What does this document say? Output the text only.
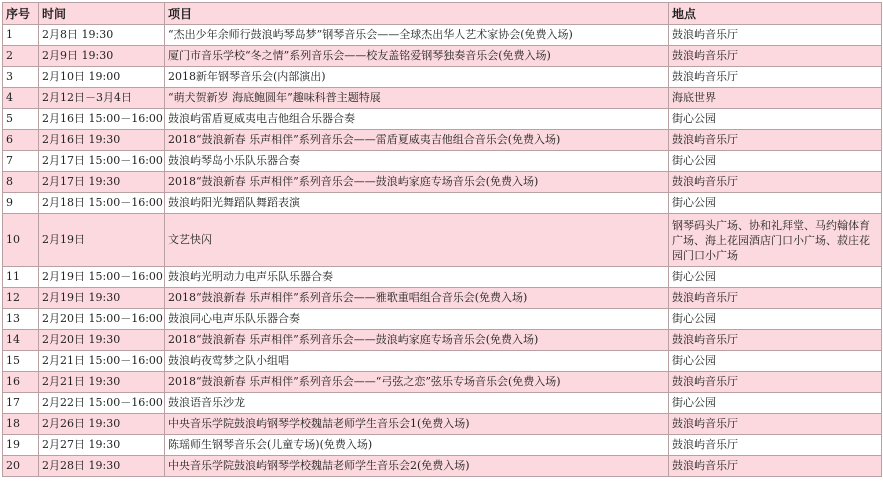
序号	时间	项目	地点
1	2月8日 19:30	“杰出少年余师行鼓浪屿琴岛梦”钢琴音乐会——全球杰出华人艺术家协会(免费入场)	鼓浪屿音乐厅
2	2月9日 19:30	厦门市音乐学校“冬之情”系列音乐会——校友盖铭爱钢琴独奏音乐会(免费入场)	鼓浪屿音乐厅
3	2月10日 19:00	2018新年钢琴音乐会(内部演出)	鼓浪屿音乐厅
4	2月12日－3月4日	“萌犬贺新岁 海底鲍圆年”趣味科普主题特展	海底世界
5	2月16日 15:00－16:00	鼓浪屿雷盾夏威夷电吉他组合乐器合奏	街心公园
6	2月16日 19:30	2018“鼓浪新春 乐声相伴”系列音乐会——雷盾夏威夷吉他组合音乐会(免费入场)	鼓浪屿音乐厅
7	2月17日 15:00－16:00	鼓浪屿琴岛小乐队乐器合奏	街心公园
8	2月17日 19:30	2018“鼓浪新春 乐声相伴”系列音乐会——鼓浪屿家庭专场音乐会(免费入场)	鼓浪屿音乐厅
9	2月18日 15:00－16:00	鼓浪屿阳光舞蹈队舞蹈表演	街心公园
10	2月19日	文艺快闪	钢琴码头广场、协和礼拜堂、马约翰体育广场、海上花园酒店门口小广场、菽庄花园门口小广场
11	2月19日 15:00－16:00	鼓浪屿光明动力电声乐队乐器合奏	街心公园
12	2月19日 19:30	2018“鼓浪新春 乐声相伴”系列音乐会——雅歌重唱组合音乐会(免费入场)	鼓浪屿音乐厅
13	2月20日 15:00－16:00	鼓浪同心电声乐队乐器合奏	街心公园
14	2月20日 19:30	2018“鼓浪新春 乐声相伴”系列音乐会——鼓浪屿家庭专场音乐会(免费入场)	鼓浪屿音乐厅
15	2月21日 15:00－16:00	鼓浪屿夜莺梦之队小组唱	街心公园
16	2月21日 19:30	2018“鼓浪新春 乐声相伴”系列音乐会——“弓弦之恋”弦乐专场音乐会(免费入场)	鼓浪屿音乐厅
17	2月22日 15:00－16:00	鼓浪语音乐沙龙	街心公园
18	2月26日 19:30	中央音乐学院鼓浪屿钢琴学校魏喆老师学生音乐会1(免费入场)	鼓浪屿音乐厅
19	2月27日 19:30	陈瑶师生钢琴音乐会(儿童专场)(免费入场)	鼓浪屿音乐厅
20	2月28日 19:30	中央音乐学院鼓浪屿钢琴学校魏喆老师学生音乐会2(免费入场)	鼓浪屿音乐厅
